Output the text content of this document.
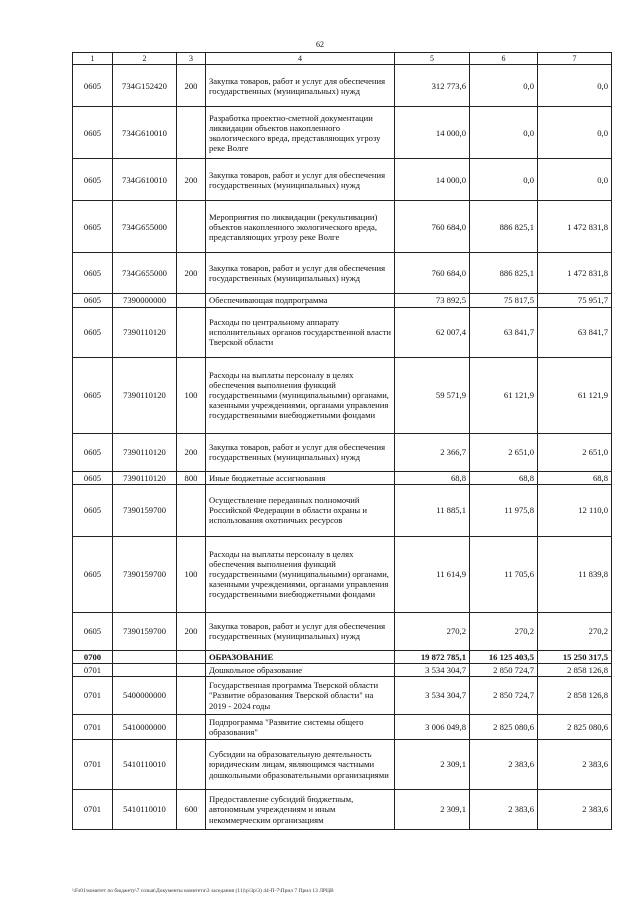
62
1	2	3	4	5	6	7
0605	734G152420	200	Закупка товаров, работ и услуг для обеспечения государственных (муниципальных) нужд	312 773,6	0,0	0,0
0605	734G610010		Разработка проектно-сметной документации ликвидации объектов накопленного экологического вреда, представляющих угрозу реке Волге	14 000,0	0,0	0,0
0605	734G610010	200	Закупка товаров, работ и услуг для обеспечения государственных (муниципальных) нужд	14 000,0	0,0	0,0
0605	734G655000		Мероприятия по ликвидации (рекультивации) объектов накопленного экологического вреда, представляющих угрозу реке Волге	760 684,0	886 825,1	1 472 831,8
0605	734G655000	200	Закупка товаров, работ и услуг для обеспечения государственных (муниципальных) нужд	760 684,0	886 825,1	1 472 831,8
0605	7390000000		Обеспечивающая подпрограмма	73 892,5	75 817,5	75 951,7
0605	7390110120		Расходы по центральному аппарату исполнительных органов государственной власти Тверской области	62 007,4	63 841,7	63 841,7
0605	7390110120	100	Расходы на выплаты персоналу в целях обеспечения выполнения функций государственными (муниципальными) органами, казенными учреждениями, органами управления государственными внебюджетными фондами	59 571,9	61 121,9	61 121,9
0605	7390110120	200	Закупка товаров, работ и услуг для обеспечения государственных (муниципальных) нужд	2 366,7	2 651,0	2 651,0
0605	7390110120	800	Иные бюджетные ассигнования	68,8	68,8	68,8
0605	7390159700		Осуществление переданных полномочий Российской Федерации в области охраны и использования охотничьих ресурсов	11 885,1	11 975,8	12 110,0
0605	7390159700	100	Расходы на выплаты персоналу в целях обеспечения выполнения функций государственными (муниципальными) органами, казенными учреждениями, органами управления государственными внебюджетными фондами	11 614,9	11 705,6	11 839,8
0605	7390159700	200	Закупка товаров, работ и услуг для обеспечения государственных (муниципальных) нужд	270,2	270,2	270,2
0700			ОБРАЗОВАНИЕ	19 872 785,1	16 125 403,5	15 250 317,5
0701			Дошкольное образование	3 534 304,7	2 850 724,7	2 858 126,8
0701	5400000000		Государственная программа Тверской области "Развитие образования Тверской области" на 2019 - 2024 годы	3 534 304,7	2 850 724,7	2 858 126,8
0701	5410000000		Подпрограмма "Развитие системы общего образования"	3 006 049,8	2 825 080,6	2 825 080,6
0701	5410110010		Субсидии на образовательную деятельность юридическим лицам, являющимся частными дошкольными образовательными организациями	2 309,1	2 383,6	2 383,6
0701	5410110010	600	Предоставление субсидий бюджетным, автономным учреждениям и иным некоммерческим организациям	2 309,1	2 383,6	2 383,6
\\Fs01\комитет по бюджету\7 созыв\Документы комитета\3 заседания (11)\р\3р\3) 44-П-7\Прил 7 Прил 13 ЛРЦВ
